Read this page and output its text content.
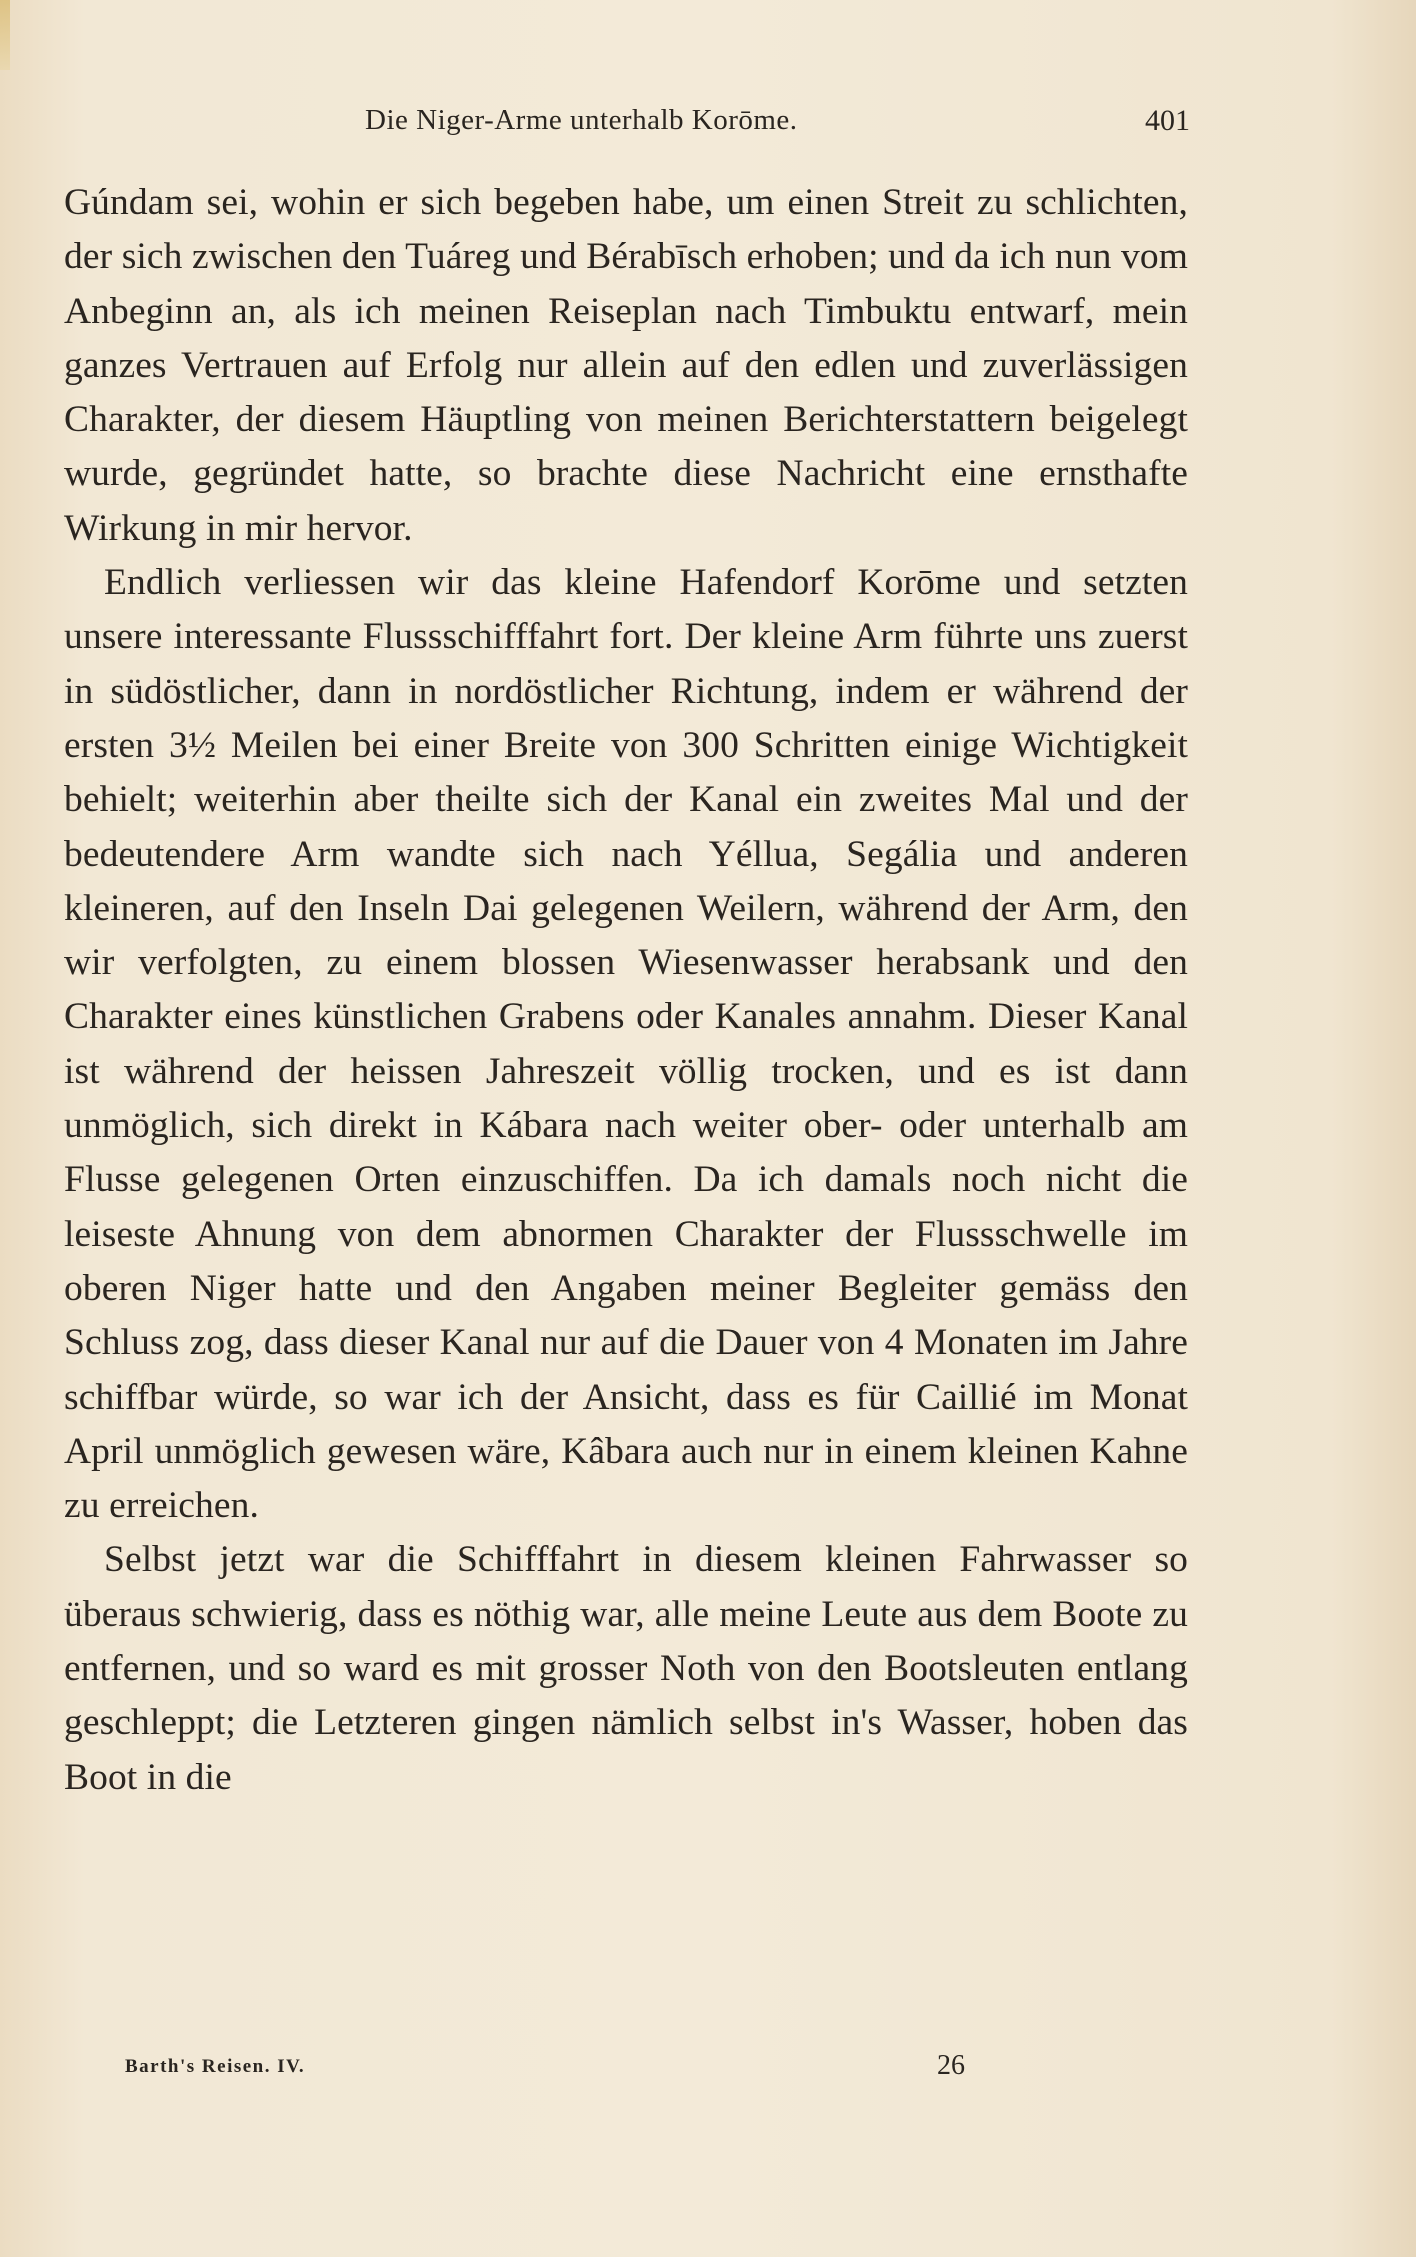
Die Niger-Arme unterhalb Korōme.	401

Gúndam sei, wohin er sich begeben habe, um einen Streit zu schlichten, der sich zwischen den Tuáreg und Bérabīsch erhoben; und da ich nun vom Anbeginn an, als ich meinen Reiseplan nach Timbuktu entwarf, mein ganzes Vertrauen auf Erfolg nur allein auf den edlen und zuverlässigen Charakter, der diesem Häuptling von meinen Berichterstattern beigelegt wurde, gegründet hatte, so brachte diese Nachricht eine ernsthafte Wirkung in mir hervor.

Endlich verliessen wir das kleine Hafendorf Korōme und setzten unsere interessante Flussschifffahrt fort. Der kleine Arm führte uns zuerst in südöstlicher, dann in nordöstlicher Richtung, indem er während der ersten 3½ Meilen bei einer Breite von 300 Schritten einige Wichtigkeit behielt; weiterhin aber theilte sich der Kanal ein zweites Mal und der bedeutendere Arm wandte sich nach Yéllua, Segália und anderen kleineren, auf den Inseln Dai gelegenen Weilern, während der Arm, den wir verfolgten, zu einem blossen Wiesenwasser herabsank und den Charakter eines künstlichen Grabens oder Kanales annahm. Dieser Kanal ist während der heissen Jahreszeit völlig trocken, und es ist dann unmöglich, sich direkt in Kábara nach weiter ober- oder unterhalb am Flusse gelegenen Orten einzuschiffen. Da ich damals noch nicht die leiseste Ahnung von dem abnormen Charakter der Flussschwelle im oberen Niger hatte und den Angaben meiner Begleiter gemäss den Schluss zog, dass dieser Kanal nur auf die Dauer von 4 Monaten im Jahre schiffbar würde, so war ich der Ansicht, dass es für Caillié im Monat April unmöglich gewesen wäre, Kâbara auch nur in einem kleinen Kahne zu erreichen.

Selbst jetzt war die Schifffahrt in diesem kleinen Fahrwasser so überaus schwierig, dass es nöthig war, alle meine Leute aus dem Boote zu entfernen, und so ward es mit grosser Noth von den Bootsleuten entlang geschleppt; die Letzteren gingen nämlich selbst in's Wasser, hoben das Boot in die

Barth's Reisen. IV.	26
